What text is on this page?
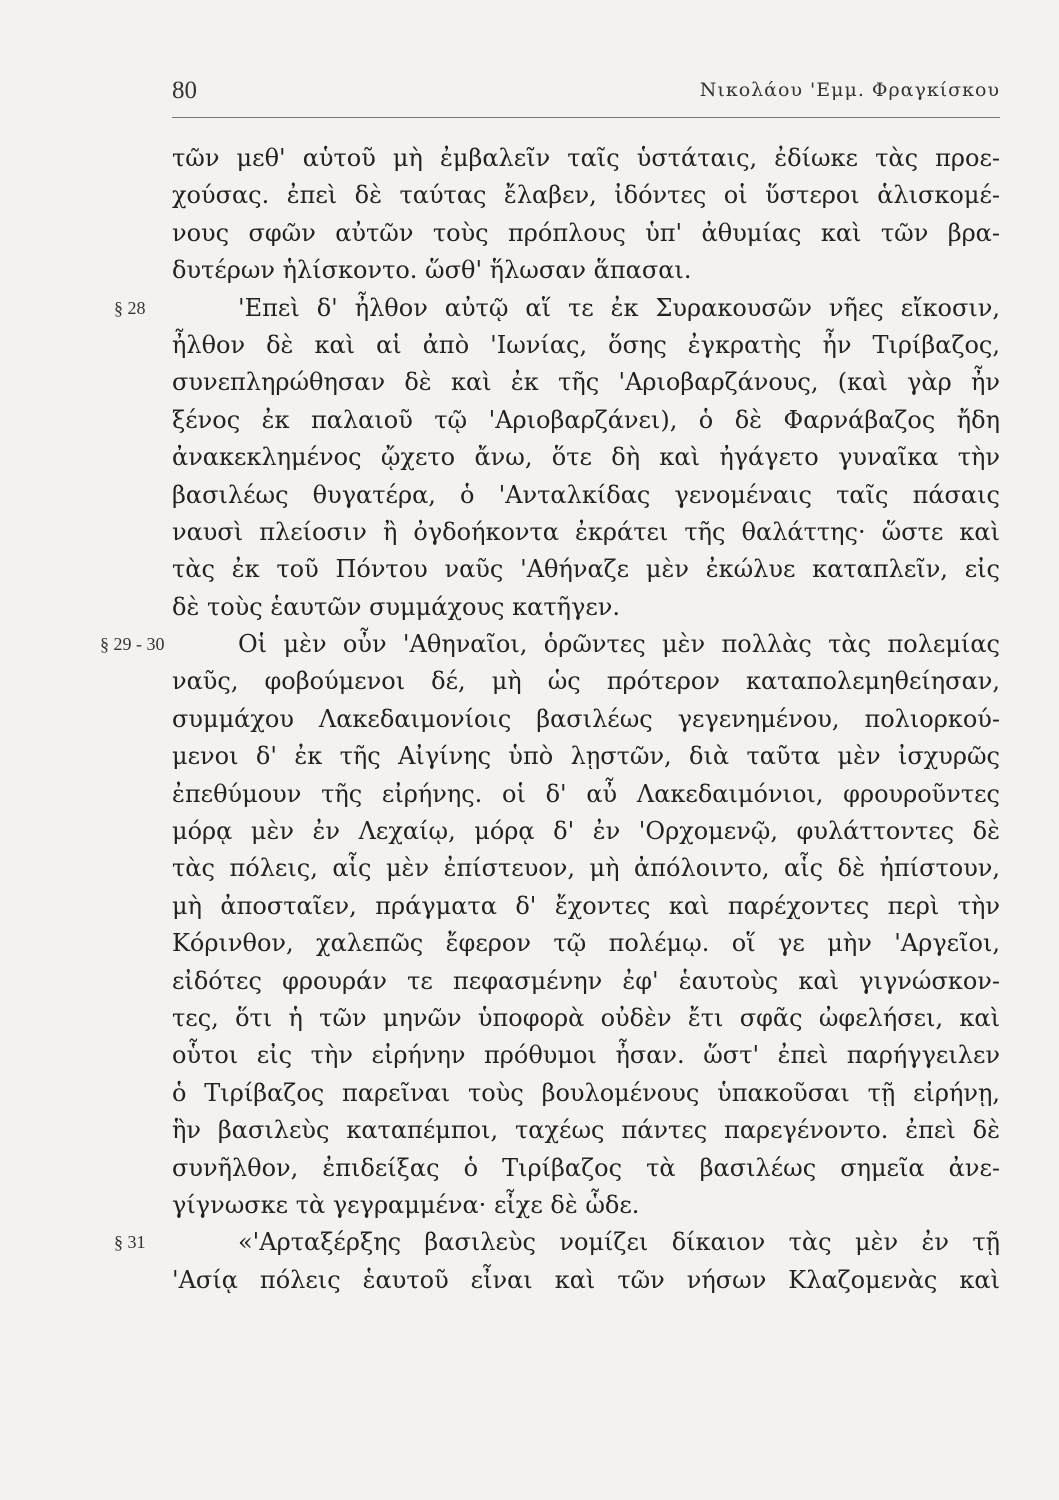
80	Νικολάου 'Εμμ. Φραγκίσκου
τῶν μεθ' αὑτοῦ μὴ ἐμβαλεῖν ταῖς ὑστάταις, ἐδίωκε τὰς προε-
χούσας. ἐπεὶ δὲ ταύτας ἔλαβεν, ἰδόντες οἱ ὕστεροι ἁλισκομέ-
νους σφῶν αὐτῶν τοὺς πρόπλους ὑπ' ἀθυμίας καὶ τῶν βρα-
δυτέρων ἡλίσκοντο. ὥσθ' ἥλωσαν ἅπασαι.
§ 28	'Επεὶ δ' ἦλθον αὐτῷ αἵ τε ἐκ Συρακουσῶν νῆες εἴκοσιν,
ἦλθον δὲ καὶ αἱ ἀπὸ 'Ιωνίας, ὅσης ἐγκρατὴς ἦν Τιρίβαζος,
συνεπληρώθησαν δὲ καὶ ἐκ τῆς 'Αριοβαρζάνους, (καὶ γὰρ ἦν
ξένος ἐκ παλαιοῦ τῷ 'Αριοβαρζάνει), ὁ δὲ Φαρνάβαζος ἤδη
ἀνακεκλημένος ᾤχετο ἄνω, ὅτε δὴ καὶ ἠγάγετο γυναῖκα τὴν
βασιλέως θυγατέρα, ὁ 'Ανταλκίδας γενομέναις ταῖς πάσαις
ναυσὶ πλείοσιν ἢ ὀγδοήκοντα ἐκράτει τῆς θαλάττης· ὥστε καὶ
τὰς ἐκ τοῦ Πόντου ναῦς 'Αθήναζε μὲν ἐκώλυε καταπλεῖν, εἰς
δὲ τοὺς ἑαυτῶν συμμάχους κατῆγεν.
§ 29 - 30	Οἱ μὲν οὖν 'Αθηναῖοι, ὁρῶντες μὲν πολλὰς τὰς πολεμίας
ναῦς, φοβούμενοι δέ, μὴ ὡς πρότερον καταπολεμηθείησαν,
συμμάχου Λακεδαιμονίοις βασιλέως γεγενημένου, πολιορκού-
μενοι δ' ἐκ τῆς Αἰγίνης ὑπὸ λῃστῶν, διὰ ταῦτα μὲν ἰσχυρῶς
ἐπεθύμουν τῆς εἰρήνης. οἱ δ' αὖ Λακεδαιμόνιοι, φρουροῦντες
μόρᾳ μὲν ἐν Λεχαίῳ, μόρᾳ δ' ἐν 'Ορχομενῷ, φυλάττοντες δὲ
τὰς πόλεις, αἷς μὲν ἐπίστευον, μὴ ἀπόλοιντο, αἷς δὲ ἠπίστουν,
μὴ ἀποσταῖεν, πράγματα δ' ἔχοντες καὶ παρέχοντες περὶ τὴν
Κόρινθον, χαλεπῶς ἔφερον τῷ πολέμῳ. οἵ γε μὴν 'Αργεῖοι,
εἰδότες φρουράν τε πεφασμένην ἐφ' ἑαυτοὺς καὶ γιγνώσκον-
τες, ὅτι ἡ τῶν μηνῶν ὑποφορὰ οὐδὲν ἔτι σφᾶς ὠφελήσει, καὶ
οὗτοι εἰς τὴν εἰρήνην πρόθυμοι ἦσαν. ὥστ' ἐπεὶ παρήγγειλεν
ὁ Τιρίβαζος παρεῖναι τοὺς βουλομένους ὑπακοῦσαι τῇ εἰρήνῃ,
ἣν βασιλεὺς καταπέμποι, ταχέως πάντες παρεγένοντο. ἐπεὶ δὲ
συνῆλθον, ἐπιδείξας ὁ Τιρίβαζος τὰ βασιλέως σημεῖα ἀνε-
γίγνωσκε τὰ γεγραμμένα· εἶχε δὲ ὧδε.
§ 31	«'Αρταξέρξης βασιλεὺς νομίζει δίκαιον τὰς μὲν ἐν τῇ
'Ασίᾳ πόλεις ἑαυτοῦ εἶναι καὶ τῶν νήσων Κλαζομενὰς καὶ
